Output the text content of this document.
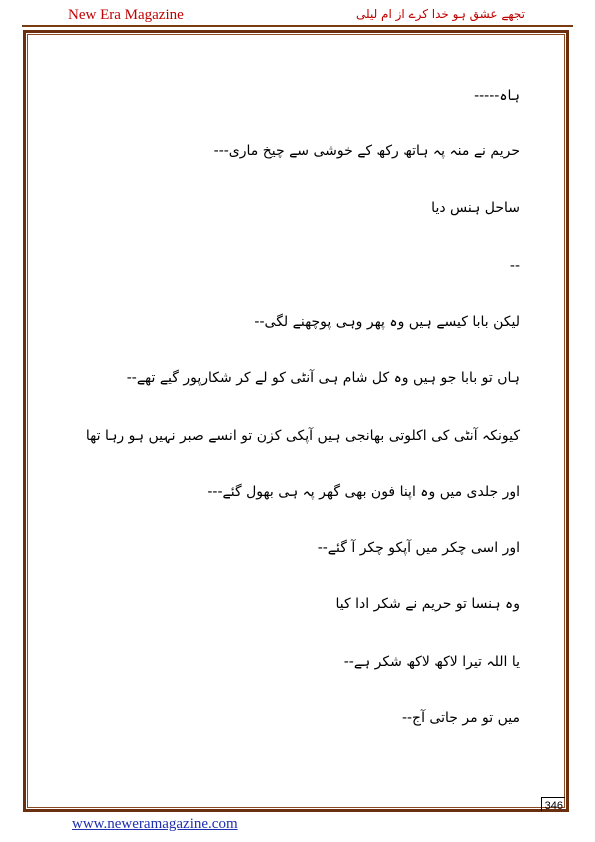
New Era Magazine	تجھے عشق ہو خدا کرے از ام لیلی
ہاہ-----
حریم نے منہ پہ ہاتھ رکھ کے خوشی سے چیخ ماری---
ساحل ہنس دیا
--
لیکن بابا کیسے ہیں وہ پھر وہی پوچھنے لگی--
ہاں تو بابا جو ہیں وہ کل شام ہی آنٹی کو لے کر شکارپور گیے تھے--
کیونکہ آنٹی کی اکلوتی بھانجی ہیں آپکی کزن تو انسے صبر نہیں ہو رہا تھا
اور جلدی میں وہ اپنا فون بھی گھر پہ ہی بھول گئے---
اور اسی چکر میں آپکو چکر آ گئے--
وہ ہنسا تو حریم نے شکر ادا کیا
یا اللہ تیرا لاکھ لاکھ شکر ہے--
میں تو مر جاتی آج--
346
www.neweramagazine.com
